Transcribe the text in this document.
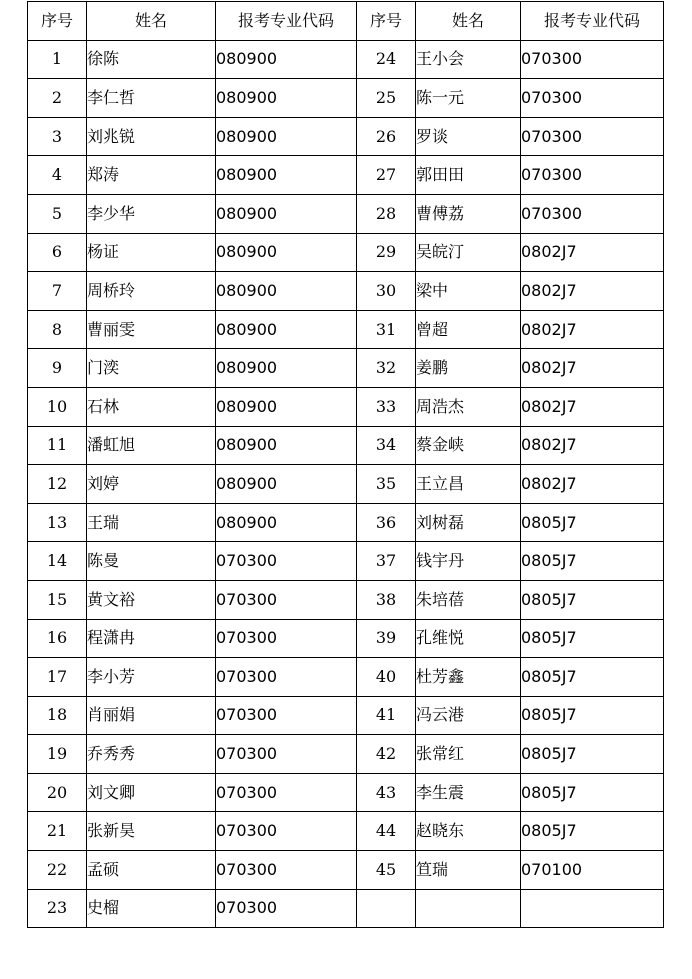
序号	姓名	报考专业代码	序号	姓名	报考专业代码
1	徐陈	080900	24	王小会	070300
2	李仁哲	080900	25	陈一元	070300
3	刘兆锐	080900	26	罗谈	070300
4	郑涛	080900	27	郭田田	070300
5	李少华	080900	28	曹傅荔	070300
6	杨证	080900	29	吴皖汀	0802J7
7	周桥玲	080900	30	梁中	0802J7
8	曹丽雯	080900	31	曾超	0802J7
9	门湙	080900	32	姜鹏	0802J7
10	石林	080900	33	周浩杰	0802J7
11	潘虹旭	080900	34	蔡金峡	0802J7
12	刘婷	080900	35	王立昌	0802J7
13	王瑞	080900	36	刘树磊	0805J7
14	陈曼	070300	37	钱宇丹	0805J7
15	黄文裕	070300	38	朱培蓓	0805J7
16	程潇冉	070300	39	孔维悦	0805J7
17	李小芳	070300	40	杜芳鑫	0805J7
18	肖丽娟	070300	41	冯云港	0805J7
19	乔秀秀	070300	42	张常红	0805J7
20	刘文卿	070300	43	李生震	0805J7
21	张新昊	070300	44	赵晓东	0805J7
22	孟硕	070300	45	笪瑞	070100
23	史榴	070300			
